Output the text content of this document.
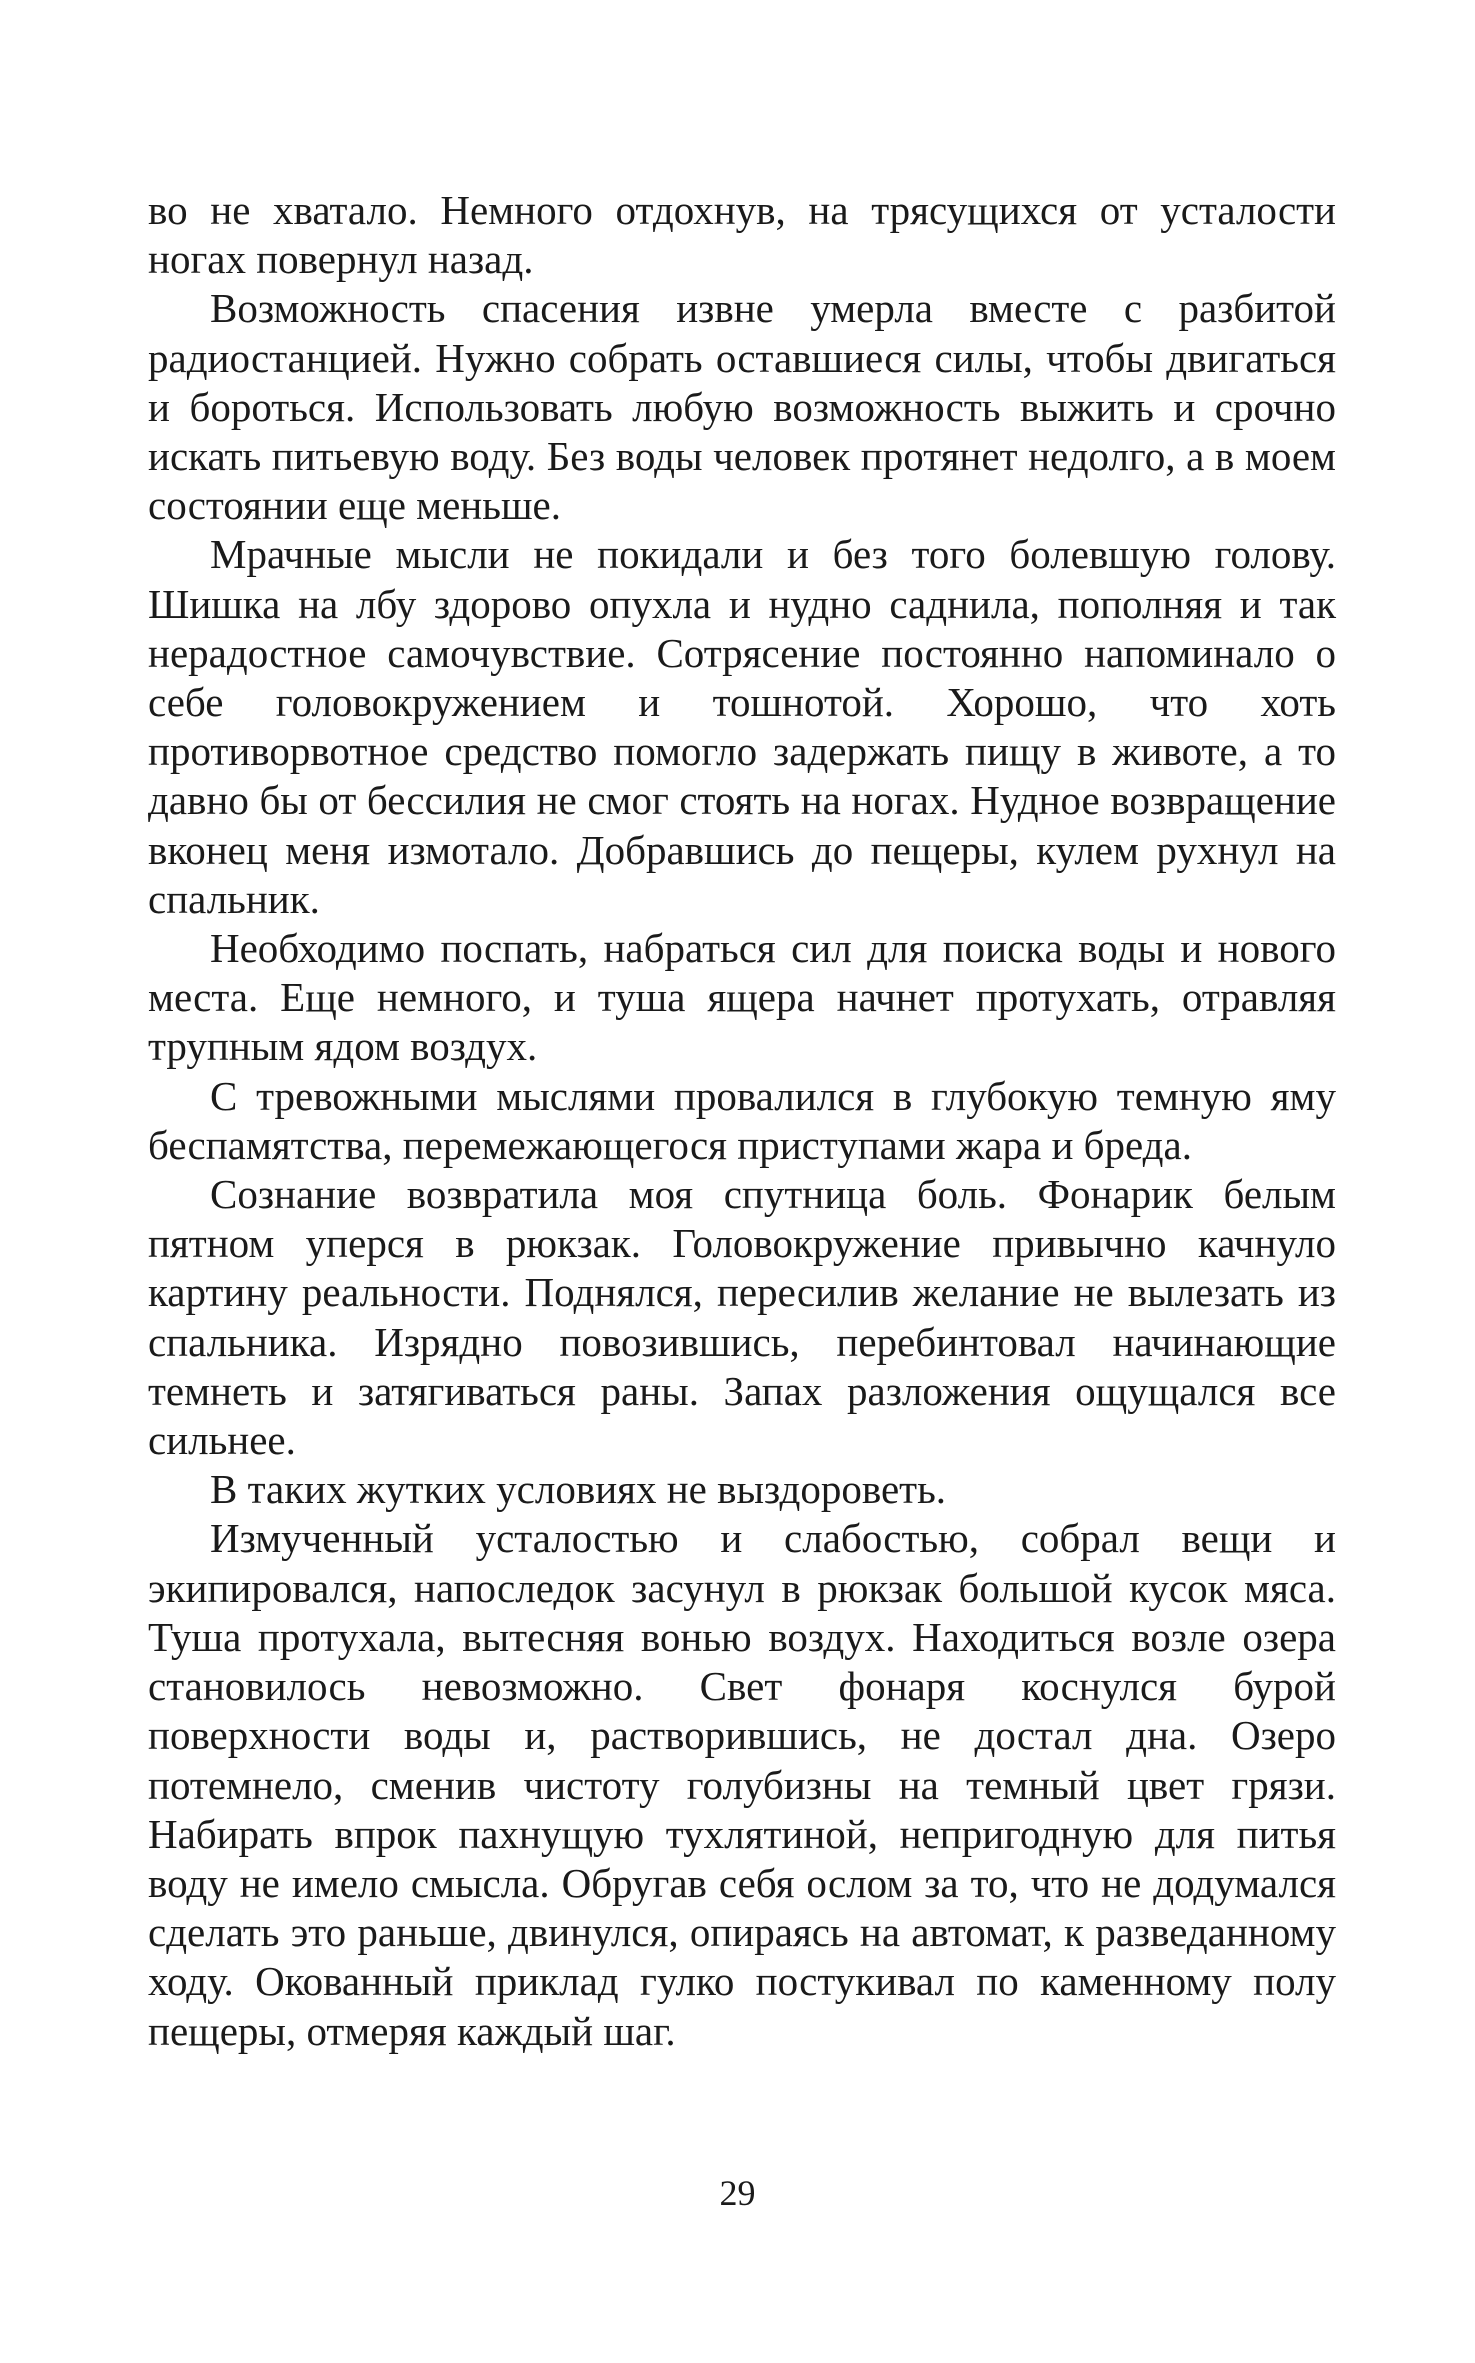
во не хватало. Немного отдохнув, на трясущихся от усталости ногах повернул назад.

Возможность спасения извне умерла вместе с разбитой радиостанцией. Нужно собрать оставшиеся силы, чтобы двигаться и бороться. Использовать любую возможность выжить и срочно искать питьевую воду. Без воды человек протянет недолго, а в моем состоянии еще меньше.

Мрачные мысли не покидали и без того болевшую голову. Шишка на лбу здорово опухла и нудно саднила, пополняя и так нерадостное самочувствие. Сотрясение постоянно напоминало о себе головокружением и тошнотой. Хорошо, что хоть противорвотное средство помогло задержать пищу в животе, а то давно бы от бессилия не смог стоять на ногах. Нудное возвращение вконец меня измотало. Добравшись до пещеры, кулем рухнул на спальник.

Необходимо поспать, набраться сил для поиска воды и нового места. Еще немного, и туша ящера начнет протухать, отравляя трупным ядом воздух.

С тревожными мыслями провалился в глубокую темную яму беспамятства, перемежающегося приступами жара и бреда.

Сознание возвратила моя спутница боль. Фонарик белым пятном уперся в рюкзак. Головокружение привычно качнуло картину реальности. Поднялся, пересилив желание не вылезать из спальника. Изрядно повозившись, перебинтовал начинающие темнеть и затягиваться раны. Запах разложения ощущался все сильнее.

В таких жутких условиях не выздороветь.

Измученный усталостью и слабостью, собрал вещи и экипировался, напоследок засунул в рюкзак большой кусок мяса. Туша протухала, вытесняя вонью воздух. Находиться возле озера становилось невозможно. Свет фонаря коснулся бурой поверхности воды и, растворившись, не достал дна. Озеро потемнело, сменив чистоту голубизны на темный цвет грязи. Набирать впрок пахнущую тухлятиной, непригодную для питья воду не имело смысла. Обругав себя ослом за то, что не додумался сделать это раньше, двинулся, опираясь на автомат, к разведанному ходу. Окованный приклад гулко постукивал по каменному полу пещеры, отмеряя каждый шаг.

29
